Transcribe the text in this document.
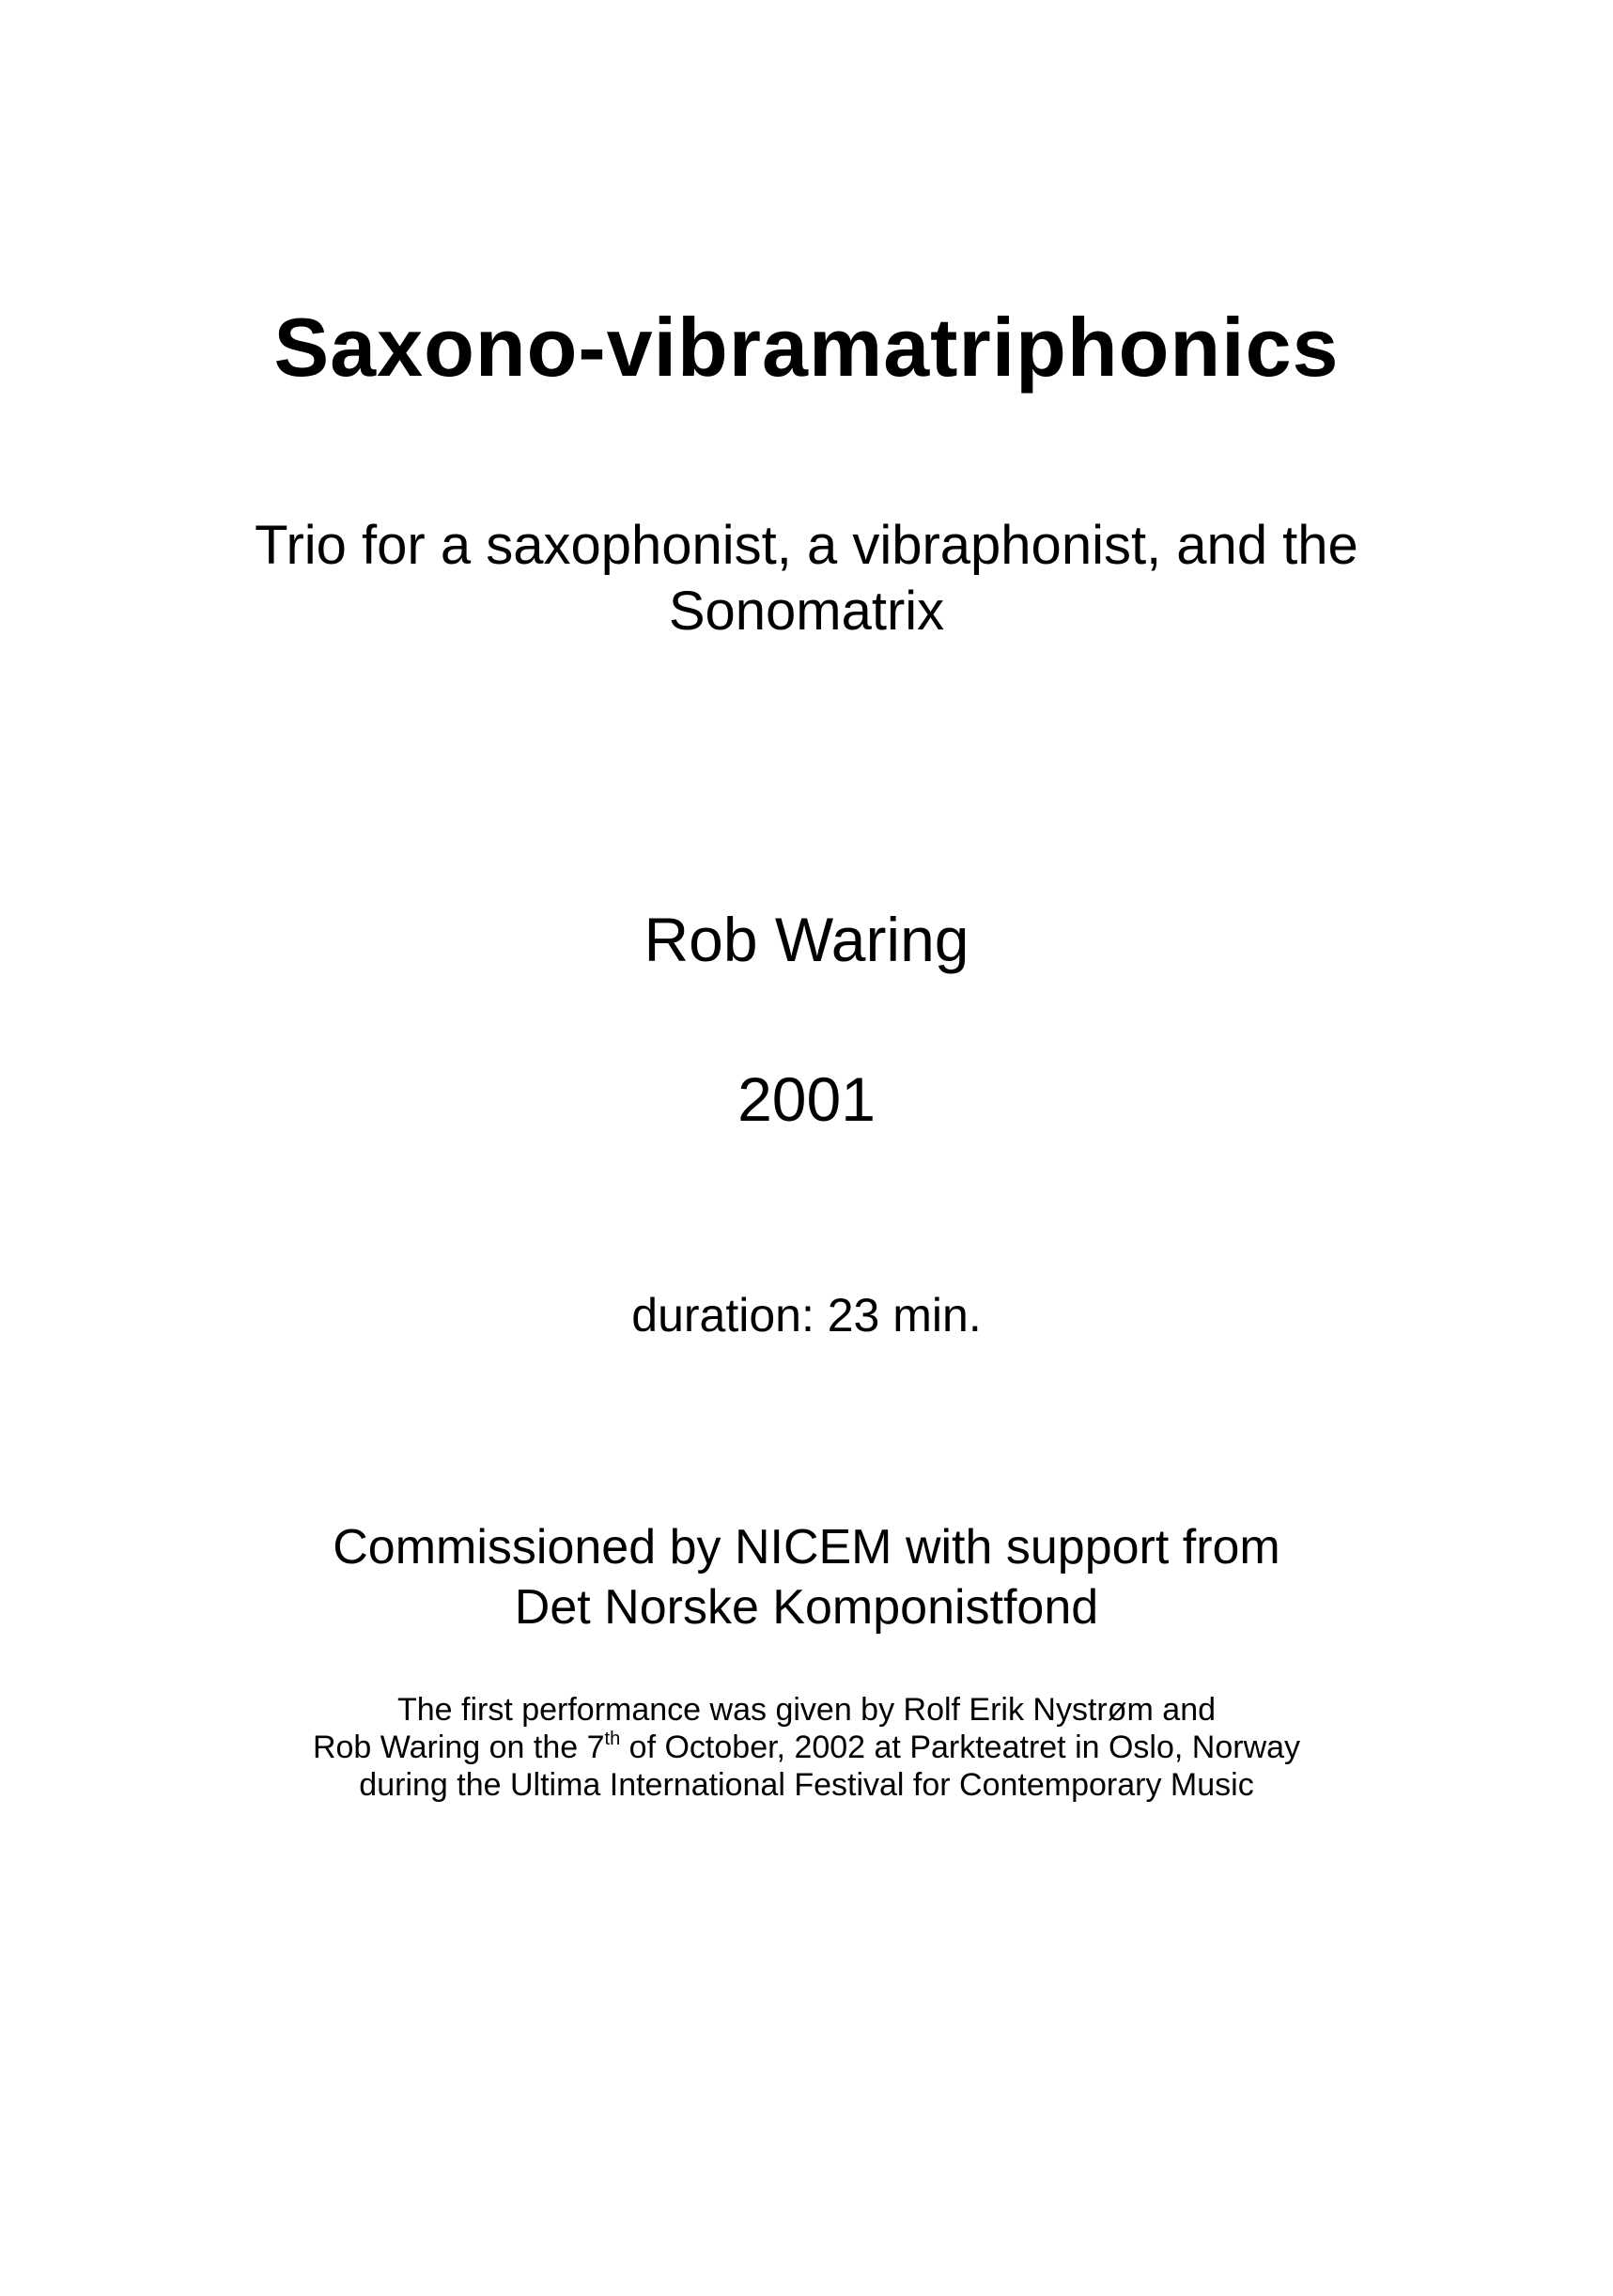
Saxono-vibramatriphonics
Trio for a saxophonist, a vibraphonist, and the
Sonomatrix
Rob Waring
2001
duration: 23 min.
Commissioned by NICEM with support from
Det Norske Komponistfond
The first performance was given by Rolf Erik Nystrøm and
Rob Waring on the 7th of October, 2002 at Parkteatret in Oslo, Norway
during the Ultima International Festival for Contemporary Music
